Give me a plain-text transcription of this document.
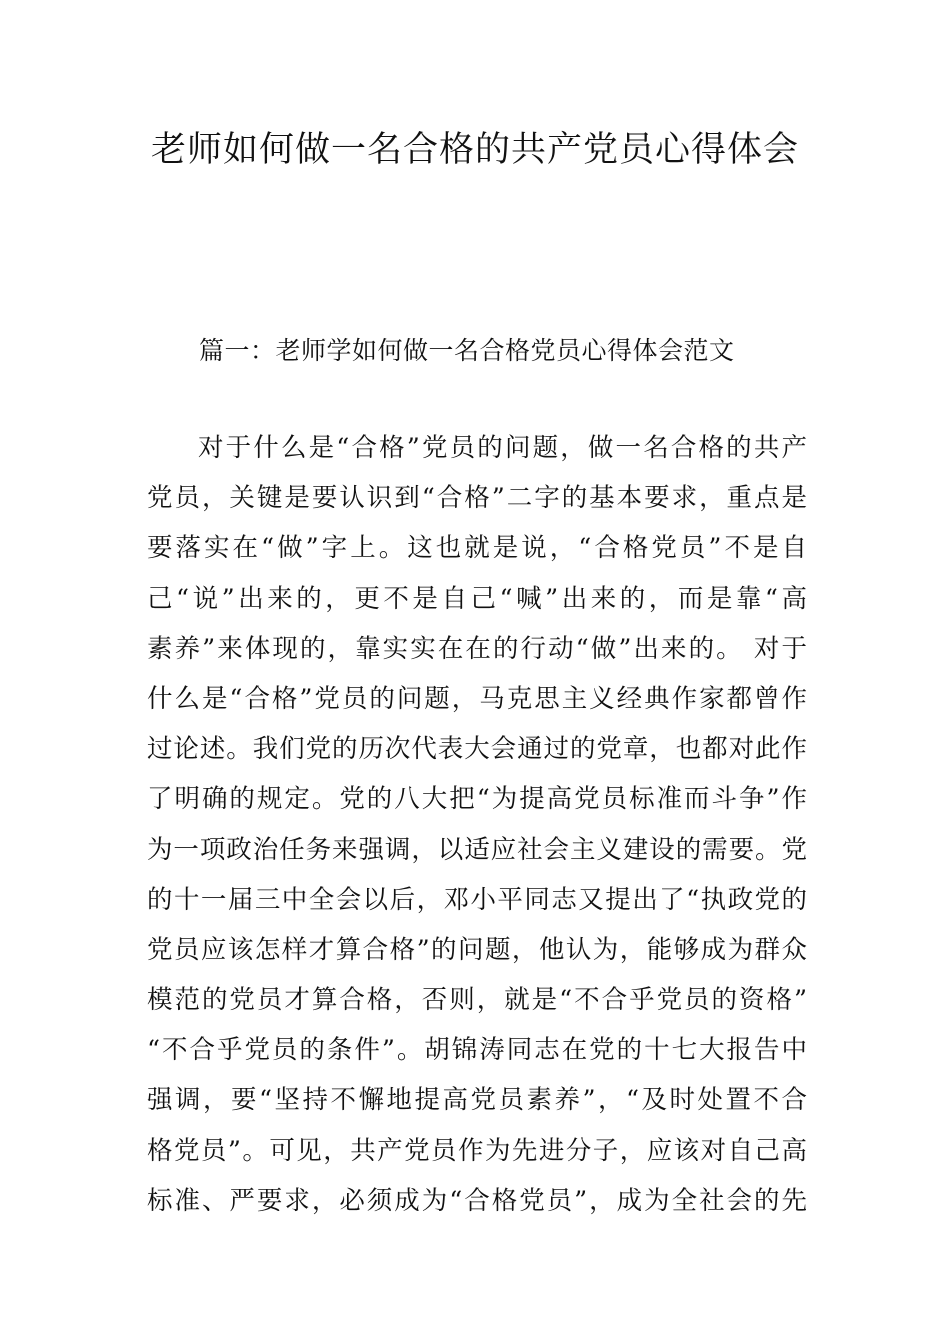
老师如何做一名合格的共产党员心得体会
篇一：老师学如何做一名合格党员心得体会范文
对于什么是“合格”党员的问题，做一名合格的共产
党员，关键是要认识到“合格”二字的基本要求，重点是
要落实在“做”字上。这也就是说，“合格党员”不是自
己“说”出来的，更不是自己“喊”出来的，而是靠“高
素养”来体现的，靠实实在在的行动“做”出来的。 对于
什么是“合格”党员的问题，马克思主义经典作家都曾作
过论述。我们党的历次代表大会通过的党章，也都对此作
了明确的规定。党的八大把“为提高党员标准而斗争”作
为一项政治任务来强调，以适应社会主义建设的需要。党
的十一届三中全会以后，邓小平同志又提出了“执政党的
党员应该怎样才算合格”的问题，他认为，能够成为群众
模范的党员才算合格，否则，就是“不合乎党员的资格”
“不合乎党员的条件”。胡锦涛同志在党的十七大报告中
强调，要“坚持不懈地提高党员素养”，“及时处置不合
格党员”。可见，共产党员作为先进分子，应该对自己高
标准、严要求，必须成为“合格党员”，成为全社会的先
